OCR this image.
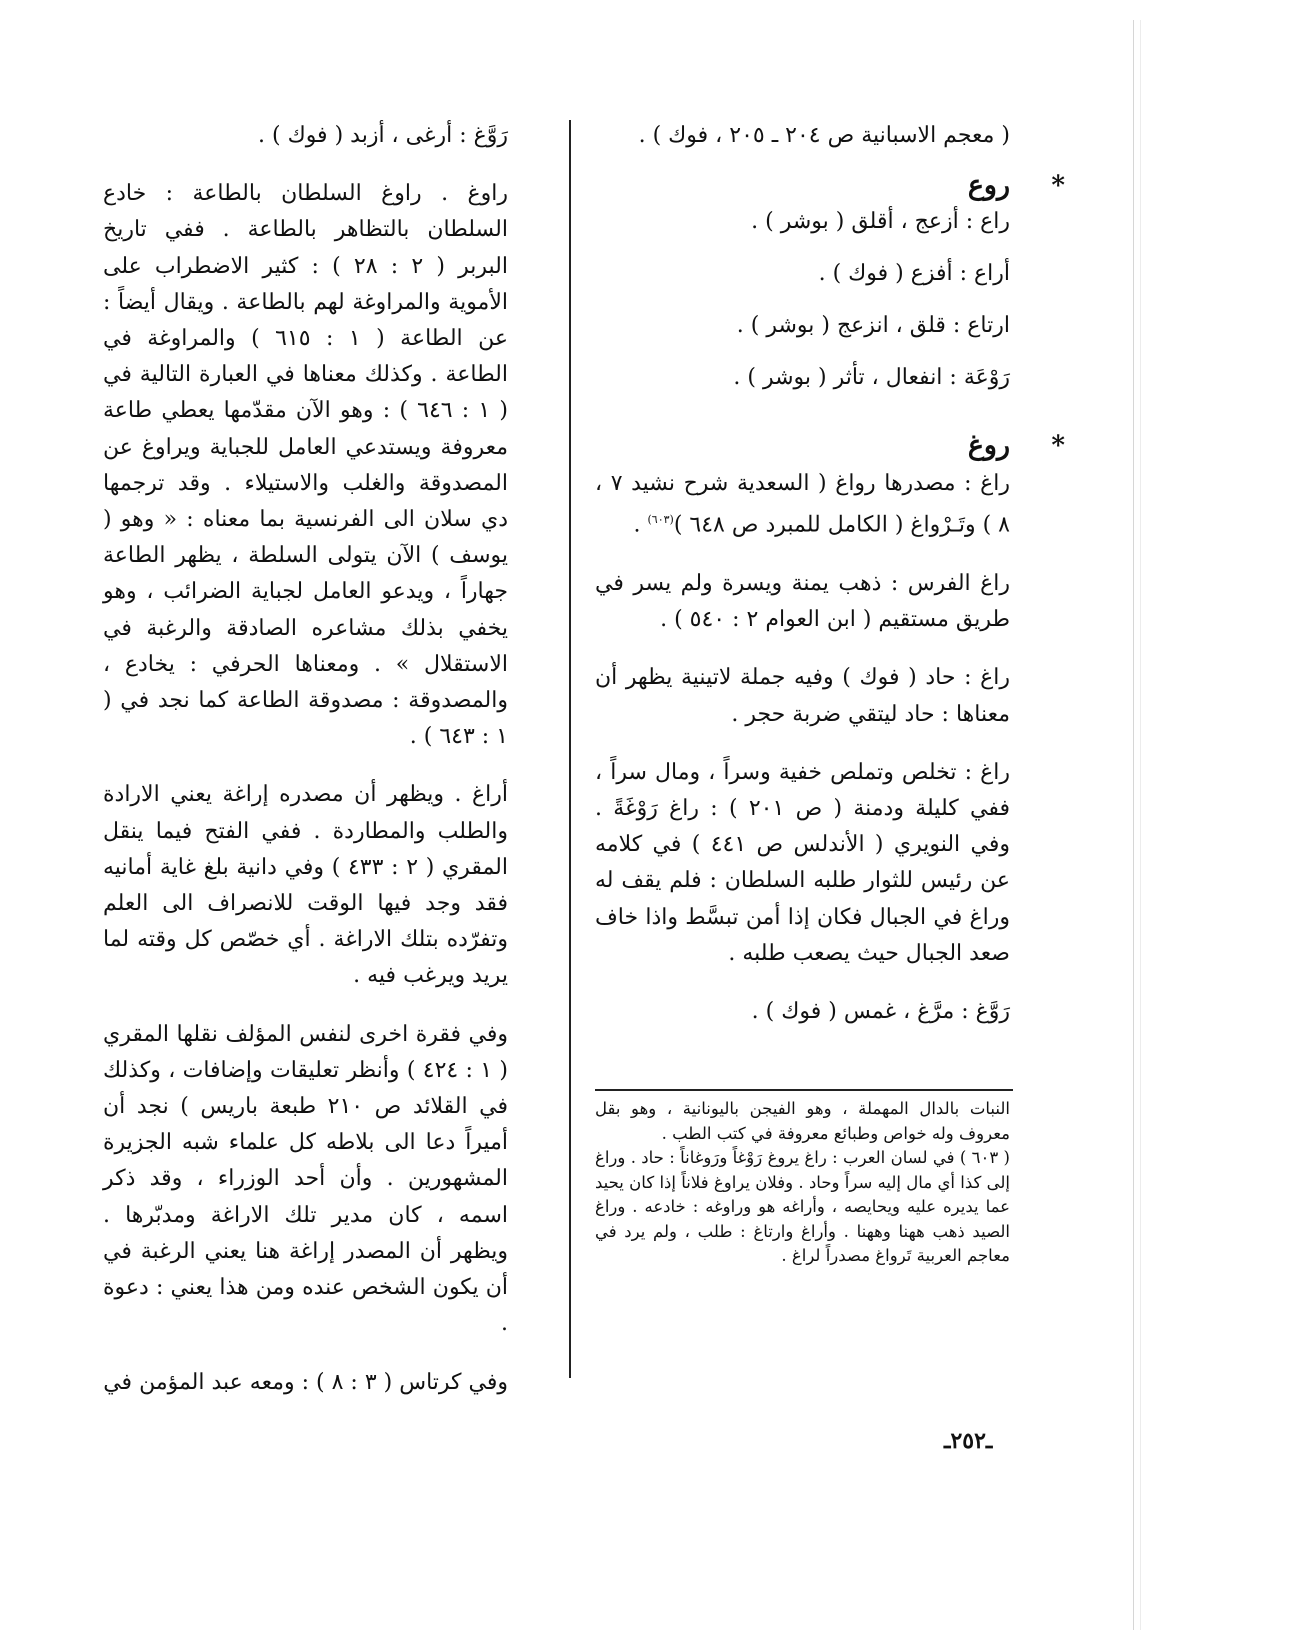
( معجم الاسبانية ص ٢٠٤ ـ ٢٠٥ ، فوك ) .

*
روع

راع : أزعج ، أقلق ( بوشر ) .

أراع : أفزع ( فوك ) .

ارتاع : قلق ، انزعج ( بوشر ) .

رَوْعَة : انفعال ، تأثر ( بوشر ) .

*
روغ

راغ : مصدرها رواغ ( السعدية شرح نشيد ٧ ، ٨ ) وتَـرْواغ ( الكامل للمبرد ص ٦٤٨ )$^{(٦٠٣)}$ .

راغ الفرس : ذهب يمنة ويسرة ولم يسر في طريق مستقيم ( ابن العوام ٢ : ٥٤٠ ) .

راغ : حاد ( فوك ) وفيه جملة لاتينية يظهر أن معناها : حاد ليتقي ضربة حجر .

راغ : تخلص وتملص خفية وسراً ، ومال سراً ، ففي كليلة ودمنة ( ص ٢٠١ ) : راغ رَوْغَةً . وفي النويري ( الأندلس ص ٤٤١ ) في كلامه عن رئيس للثوار طلبه السلطان : فلم يقف له وراغ في الجبال فكان إذا أمن تبسَّط واذا خاف صعد الجبال حيث يصعب طلبه .

رَوَّغ : مرَّغ ، غمس ( فوك ) .

رَوَّغ : أرغى ، أزبد ( فوك ) .

راوغ . راوغ السلطان بالطاعة : خادع السلطان بالتظاهر بالطاعة . ففي تاريخ البربر ( ٢ : ٢٨ ) : كثير الاضطراب على الأموية والمراوغة لهم بالطاعة . ويقال أيضاً : عن الطاعة ( ١ : ٦١٥ ) والمراوغة في الطاعة . وكذلك معناها في العبارة التالية في ( ١ : ٦٤٦ ) : وهو الآن مقدّمها يعطي طاعة معروفة ويستدعي العامل للجباية ويراوغ عن المصدوقة والغلب والاستيلاء . وقد ترجمها دي سلان الى الفرنسية بما معناه : « وهو ( يوسف ) الآن يتولى السلطة ، يظهر الطاعة جهاراً ، ويدعو العامل لجباية الضرائب ، وهو يخفي بذلك مشاعره الصادقة والرغبة في الاستقلال » . ومعناها الحرفي : يخادع ، والمصدوقة : مصدوقة الطاعة كما نجد في ( ١ : ٦٤٣ ) .

أراغ . ويظهر أن مصدره إراغة يعني الارادة والطلب والمطاردة . ففي الفتح فيما ينقل المقري ( ٢ : ٤٣٣ ) وفي دانية بلغ غاية أمانيه فقد وجد فيها الوقت للانصراف الى العلم وتفرّده بتلك الاراغة . أي خصّص كل وقته لما يريد ويرغب فيه .

وفي فقرة اخرى لنفس المؤلف نقلها المقري ( ١ : ٤٢٤ ) وأنظر تعليقات وإضافات ، وكذلك في القلائد ص ٢١٠ طبعة باريس ) نجد أن أميراً دعا الى بلاطه كل علماء شبه الجزيرة المشهورين . وأن أحد الوزراء ، وقد ذكر اسمه ، كان مدير تلك الاراغة ومدبّرها . ويظهر أن المصدر إراغة هنا يعني الرغبة في أن يكون الشخص عنده ومن هذا يعني : دعوة .

وفي كرتاس ( ٣ : ٨ ) : ومعه عبد المؤمن في

النبات بالدال المهملة ، وهو الفيجن باليونانية ، وهو بقل معروف وله خواص وطبائع معروفة في كتب الطب .

( ٦٠٣ ) في لسان العرب : راغ يروغ رَوْغاً ورَوغاناً : حاد . وراغ إلى كذا أي مال إليه سراً وحاد . وفلان يراوغ فلاناً إذا كان يحيد عما يديره عليه ويحايصه ، وأراغه هو وراوغه : خادعه . وراغ الصيد ذهب ههنا وههنا . وأراغ وارتاغ : طلب ، ولم يرد في معاجم العربية تَرواغ مصدراً لراغ .

ـ٢٥٢ـ
